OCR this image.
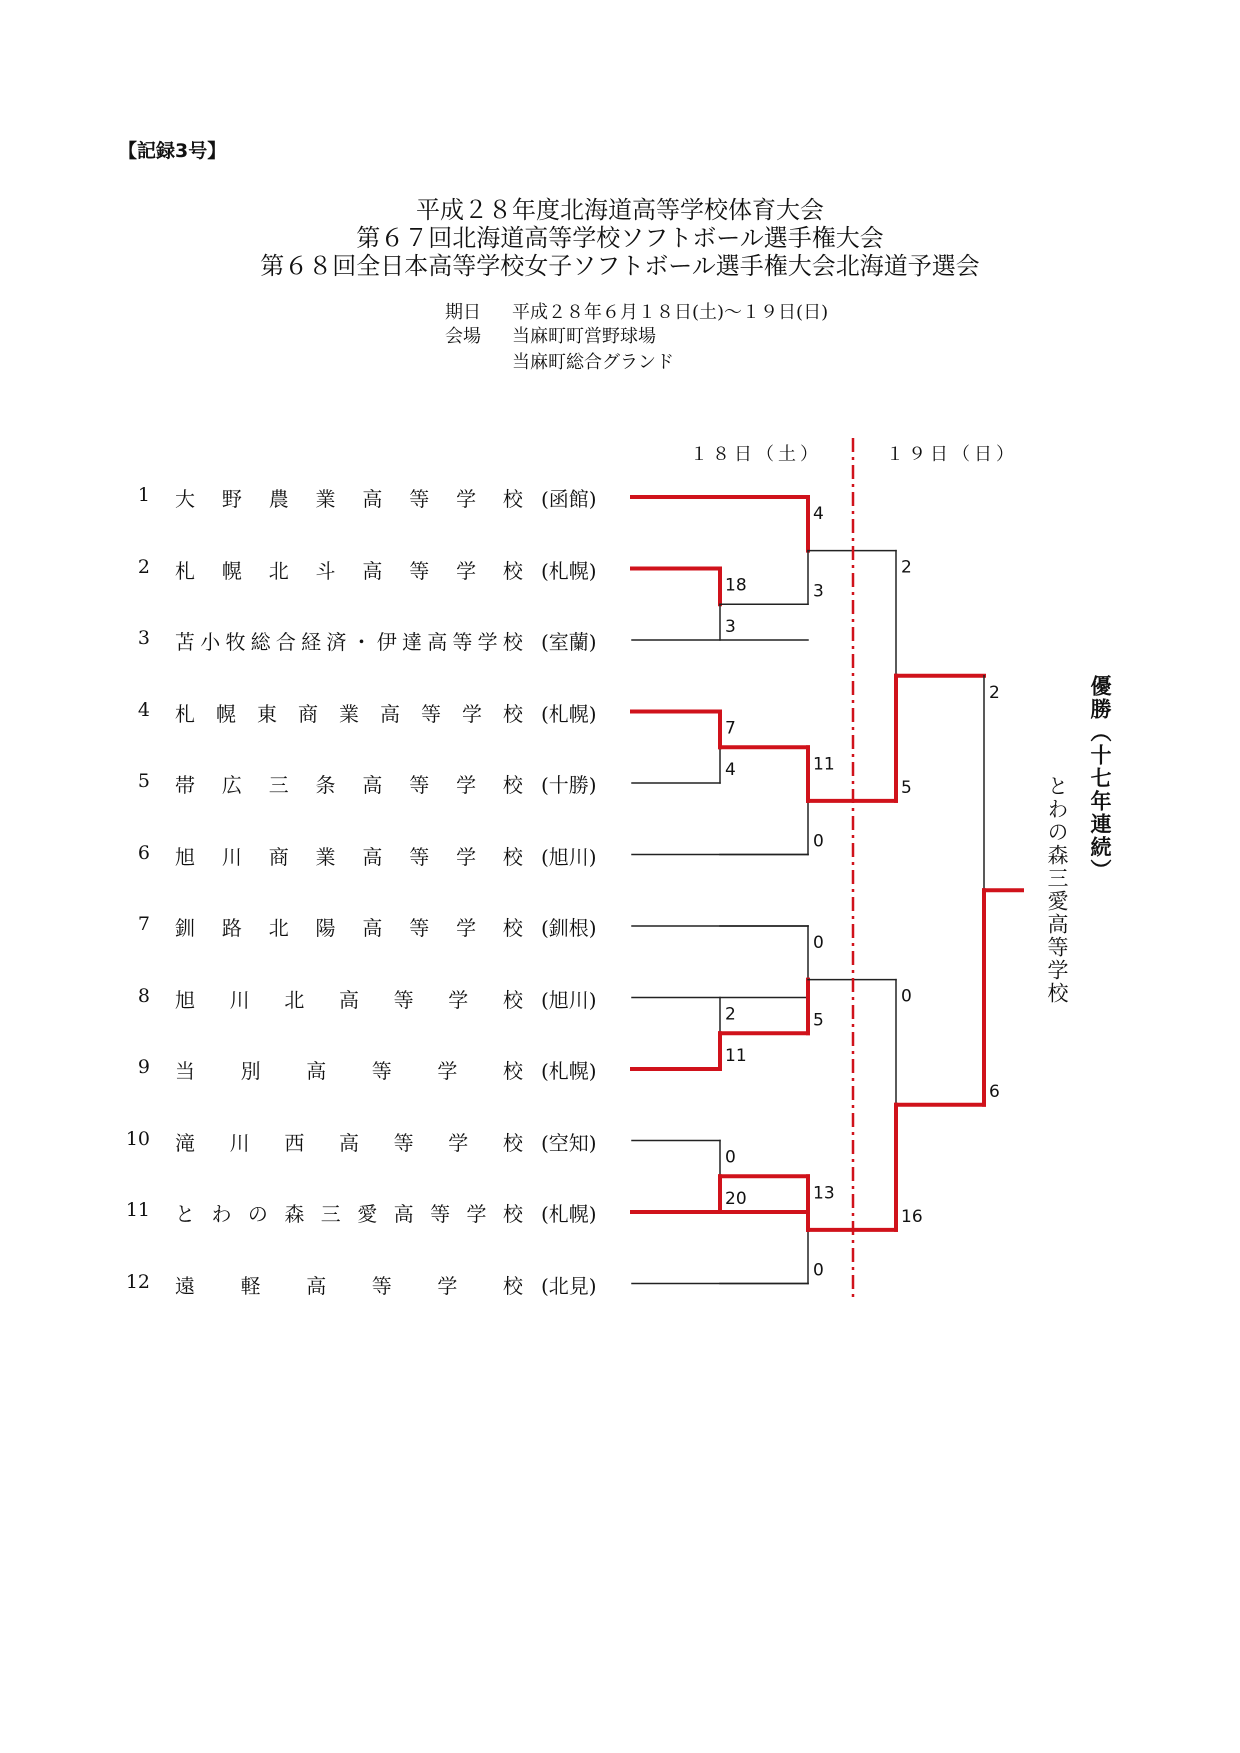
【記録3号】
平成２８年度北海道高等学校体育大会
第６７回北海道高等学校ソフトボール選手権大会
第６８回全日本高等学校女子ソフトボール選手権大会北海道予選会
期日 平成２８年６月１８日(土)～１９日(日)
会場 当麻町町営野球場
当麻町総合グランド
１８日（土）	１９日（日）
1 大 野 農 業 高 等 学 校 (函館)
2 札 幌 北 斗 高 等 学 校 (札幌)
3 苫 小 牧 総 合 経 済 ・ 伊 達 高 等 学 校 (室蘭)
4 札 幌 東 商 業 高 等 学 校 (札幌)
5 帯 広 三 条 高 等 学 校 (十勝)
6 旭 川 商 業 高 等 学 校 (旭川)
7 釧 路 北 陽 高 等 学 校 (釧根)
8 旭 川 北 高 等 学 校 (旭川)
9 当 別 高 等 学 校 (札幌)
10 滝 川 西 高 等 学 校 (空知)
11 と わ の 森 三 愛 高 等 学 校 (札幌)
12 遠 軽 高 等 学 校 (北見)
18
3
7
4
2
11
0
20
4
3
11
0
0
5
13
0
2
5
0
16
2
6
優勝（十七年連続）
とわの森三愛高等学校
